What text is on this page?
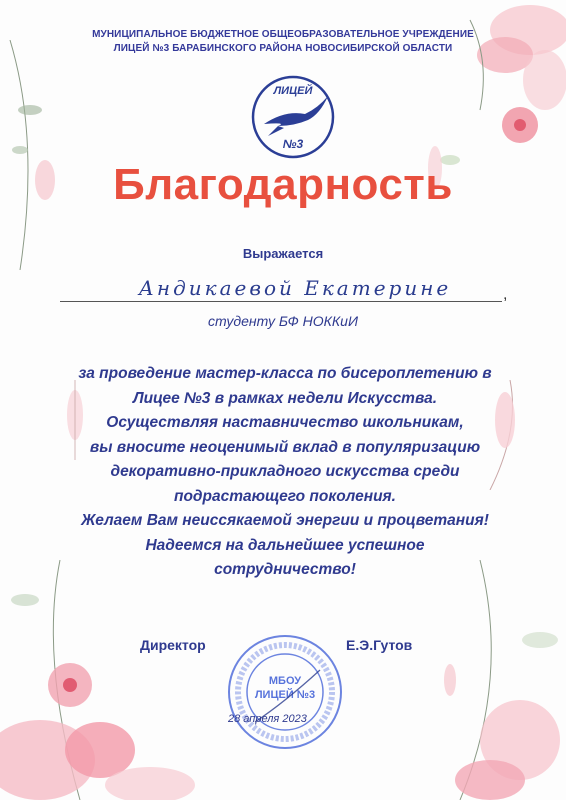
МУНИЦИПАЛЬНОЕ БЮДЖЕТНОЕ ОБЩЕОБРАЗОВАТЕЛЬНОЕ УЧРЕЖДЕНИЕ
ЛИЦЕЙ №3 БАРАБИНСКОГО РАЙОНА НОВОСИБИРСКОЙ ОБЛАСТИ
ЛИЦЕЙ
№3
Благодарность
Выражается
Андикаевой Екатерине	,
студенту БФ НОККиИ
за проведение мастер-класса по бисероплетению в
Лицее №3 в рамках недели Искусства.
Осуществляя наставничество школьникам,
вы вносите неоценимый вклад в популяризацию
декоративно-прикладного искусства среди
подрастающего поколения.
Желаем Вам неиссякаемой энергии и процветания!
Надеемся на дальнейшее успешное
сотрудничество!
Директор	Е.Э.Гутов
МБОУ
ЛИЦЕЙ №3
28 апреля 2023
